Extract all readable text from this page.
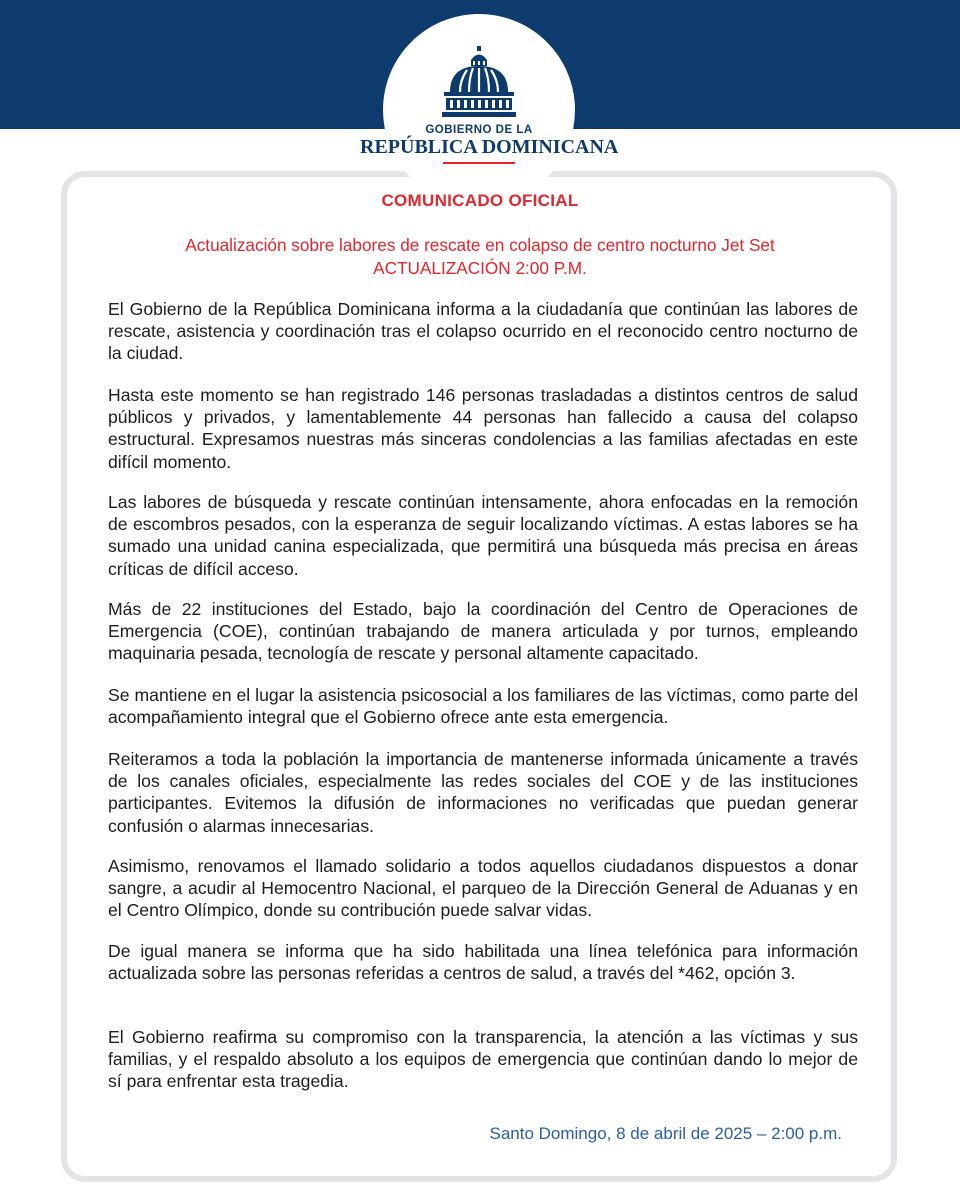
GOBIERNO DE LA
REPÚBLICA DOMINICANA
COMUNICADO OFICIAL
Actualización sobre labores de rescate en colapso de centro nocturno Jet Set
ACTUALIZACIÓN 2:00 P.M.

El Gobierno de la República Dominicana informa a la ciudadanía que continúan las labores de rescate, asistencia y coordinación tras el colapso ocurrido en el reconocido centro nocturno de la ciudad.

Hasta este momento se han registrado 146 personas trasladadas a distintos centros de salud públicos y privados, y lamentablemente 44 personas han fallecido a causa del colapso estructural. Expresamos nuestras más sinceras condolencias a las familias afectadas en este difícil momento.

Las labores de búsqueda y rescate continúan intensamente, ahora enfocadas en la remoción de escombros pesados, con la esperanza de seguir localizando víctimas. A estas labores se ha sumado una unidad canina especializada, que permitirá una búsqueda más precisa en áreas críticas de difícil acceso.

Más de 22 instituciones del Estado, bajo la coordinación del Centro de Operaciones de Emergencia (COE), continúan trabajando de manera articulada y por turnos, empleando maquinaria pesada, tecnología de rescate y personal altamente capacitado.

Se mantiene en el lugar la asistencia psicosocial a los familiares de las víctimas, como parte del acompañamiento integral que el Gobierno ofrece ante esta emergencia.

Reiteramos a toda la población la importancia de mantenerse informada únicamente a través de los canales oficiales, especialmente las redes sociales del COE y de las instituciones participantes. Evitemos la difusión de informaciones no verificadas que puedan generar confusión o alarmas innecesarias.

Asimismo, renovamos el llamado solidario a todos aquellos ciudadanos dispuestos a donar sangre, a acudir al Hemocentro Nacional, el parqueo de la Dirección General de Aduanas y en el Centro Olímpico, donde su contribución puede salvar vidas.

De igual manera se informa que ha sido habilitada una línea telefónica para información actualizada sobre las personas referidas a centros de salud, a través del *462, opción 3.

El Gobierno reafirma su compromiso con la transparencia, la atención a las víctimas y sus familias, y el respaldo absoluto a los equipos de emergencia que continúan dando lo mejor de sí para enfrentar esta tragedia.

Santo Domingo, 8 de abril de 2025 – 2:00 p.m.
